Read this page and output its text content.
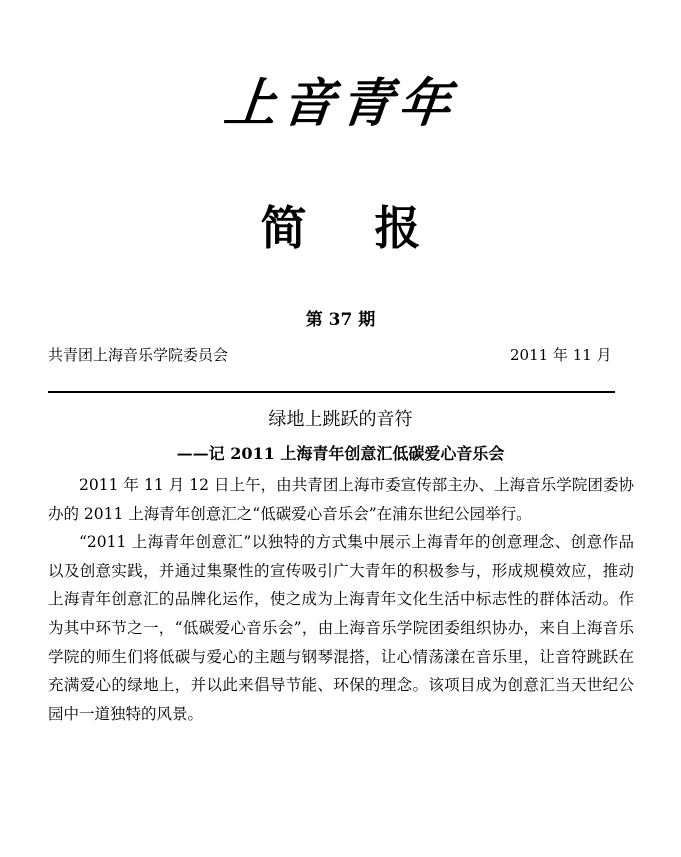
上音青年
简 报
第 37 期
共青团上海音乐学院委员会	2011 年 11 月
绿地上跳跃的音符
——记 2011 上海青年创意汇低碳爱心音乐会

2011 年 11 月 12 日上午，由共青团上海市委宣传部主办、上海音乐学院团委协办的 2011 上海青年创意汇之“低碳爱心音乐会”在浦东世纪公园举行。

“2011 上海青年创意汇”以独特的方式集中展示上海青年的创意理念、创意作品以及创意实践，并通过集聚性的宣传吸引广大青年的积极参与，形成规模效应，推动上海青年创意汇的品牌化运作，使之成为上海青年文化生活中标志性的群体活动。作为其中环节之一，“低碳爱心音乐会”，由上海音乐学院团委组织协办，来自上海音乐学院的师生们将低碳与爱心的主题与钢琴混搭，让心情荡漾在音乐里，让音符跳跃在充满爱心的绿地上，并以此来倡导节能、环保的理念。该项目成为创意汇当天世纪公园中一道独特的风景。
